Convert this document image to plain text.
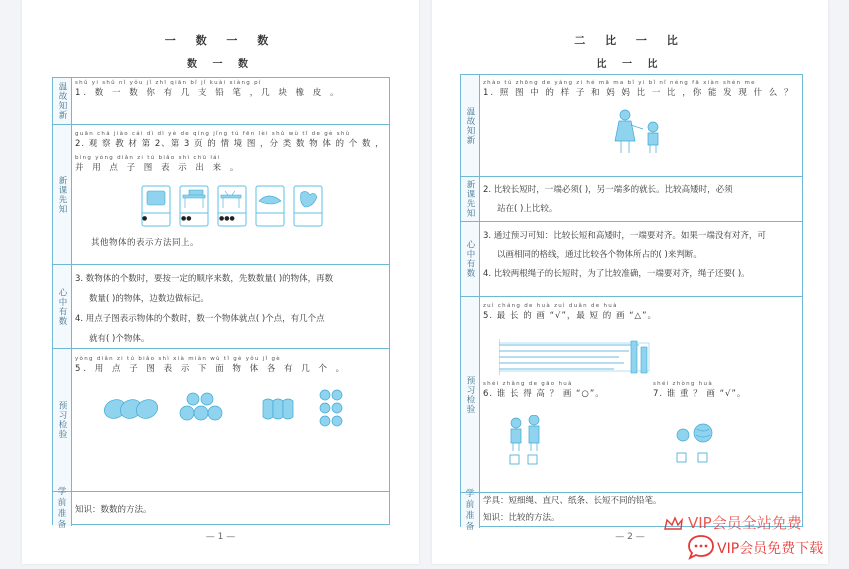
一 数 一 数
数 一 数
温故知新 shǔ yi shǔ nǐ yǒu jǐ zhī qiān bǐ jǐ kuài xiàng pí
1. 数 一 数 你 有 几 支 铅 笔 ，几 块 橡 皮 。
新课先知
guān chá jiào cái dì dì yè de qíng jǐng tú fēn lèi shǔ wù tǐ de gè shù
2. 观 察 教 材 第 2、第 3 页 的 情 境 图 ，分 类 数 物 体 的 个 数 ，
bìng yòng diǎn zi tú biǎo shì chū lái
并 用 点 子 图 表 示 出 来 。
●	●●	●●●
其他物体的表示方法同上。
心中有数
3. 数物体的个数时，要按一定的顺序来数，先数数量( )的物体，再数
数量( )的物体，边数边做标记。
4. 用点子图表示物体的个数时，数一个物体就点( )个点，有几个点
就有( )个物体。
预习检验
yòng diǎn zi tú biǎo shì xià miàn wù tǐ gè yǒu jǐ gè
5. 用 点 子 图 表 示 下 面 物 体 各 有 几 个 。
学前准备
知识：数数的方法。
— 1 —
二 比 一 比
比 一 比
温故知新
zhào tú zhōng de yàng zi hé mā ma bǐ yi bǐ nǐ néng fā xiàn shén me
1. 照 图 中 的 样 子 和 妈 妈 比 一 比 ，你 能 发 现 什 么 ？
新课先知 2. 比较长短时，一端必须( )，另一端多的就长。比较高矮时，必须
站在( )上比较。
心中有数
3. 通过预习可知：比较长短和高矮时，一端要对齐。如果一端没有对齐，可
以画相同的格线，通过比较各个物体所占的( )来判断。
4. 比较两根绳子的长短时，为了比较准确，一端要对齐，绳子还要( )。
预习检验
zuì cháng de huà zuì duǎn de huà
5. 最 长 的 画 “√”，最 短 的 画 “△”。
shéi zhǎng de gāo huà
6. 谁 长 得 高 ？ 画 “○”。
shéi zhòng huà
7. 谁 重 ？ 画 “√”。
学前准备
学具：短细绳、直尺、纸条、长短不同的铅笔。
知识：比较的方法。
— 2 —
VIP会员全站免费
VIP会员免费下载
